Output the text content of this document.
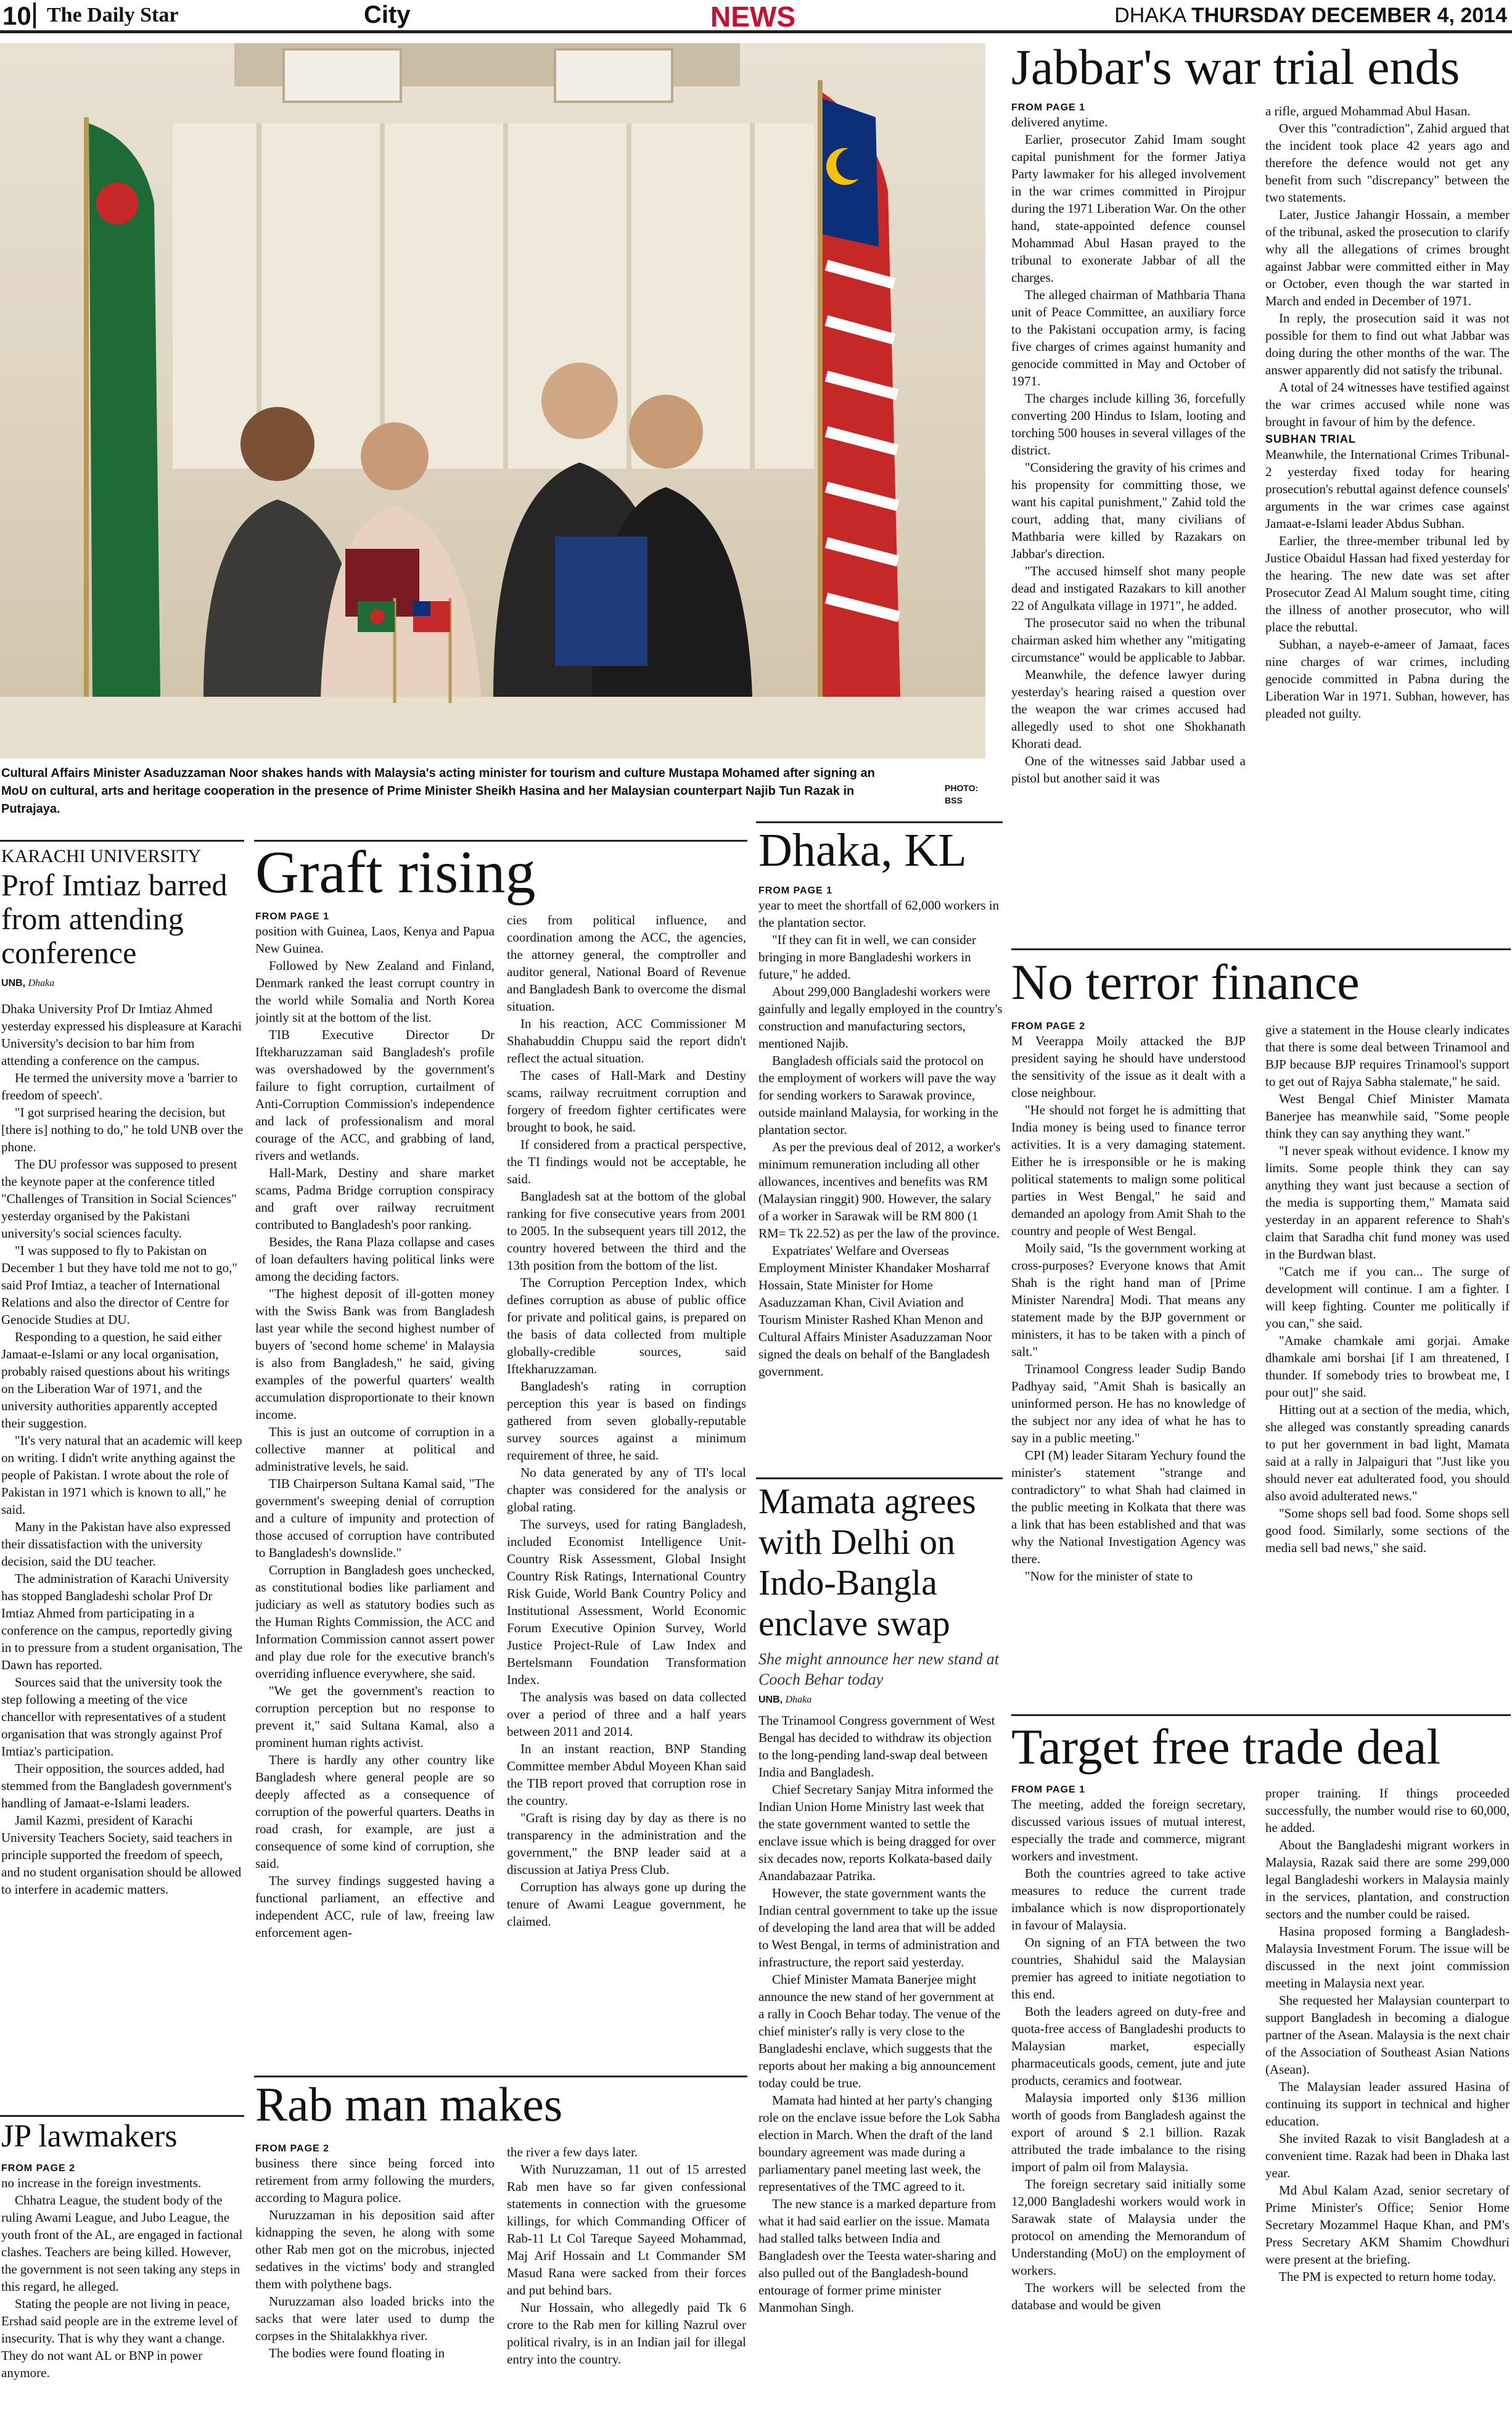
10 The Daily Star	City	NEWS	DHAKA THURSDAY DECEMBER 4, 2014
Cultural Affairs Minister Asaduzzaman Noor shakes hands with Malaysia's acting minister for tourism and culture Mustapa Mohamed after signing an MoU on cultural, arts and heritage cooperation in the presence of Prime Minister Sheikh Hasina and her Malaysian counterpart Najib Tun Razak in Putrajaya.
PHOTO: BSS
Jabbar's war trial ends
FROM PAGE 1

delivered anytime.

Earlier, prosecutor Zahid Imam sought capital punishment for the former Jatiya Party lawmaker for his alleged involvement in the war crimes committed in Pirojpur during the 1971 Liberation War. On the other hand, state-appointed defence counsel Mohammad Abul Hasan prayed to the tribunal to exonerate Jabbar of all the charges.

The alleged chairman of Mathbaria Thana unit of Peace Committee, an auxiliary force to the Pakistani occupation army, is facing five charges of crimes against humanity and genocide committed in May and October of 1971.

The charges include killing 36, forcefully converting 200 Hindus to Islam, looting and torching 500 houses in several villages of the district.

"Considering the gravity of his crimes and his propensity for committing those, we want his capital punishment," Zahid told the court, adding that, many civilians of Mathbaria were killed by Razakars on Jabbar's direction.

"The accused himself shot many people dead and instigated Razakars to kill another 22 of Angulkata village in 1971", he added.

The prosecutor said no when the tribunal chairman asked him whether any "mitigating circumstance" would be applicable to Jabbar.

Meanwhile, the defence lawyer during yesterday's hearing raised a question over the weapon the war crimes accused had allegedly used to shot one Shokhanath Khorati dead.

One of the witnesses said Jabbar used a pistol but another said it was

a rifle, argued Mohammad Abul Hasan.

Over this "contradiction", Zahid argued that the incident took place 42 years ago and therefore the defence would not get any benefit from such "discrepancy" between the two statements.

Later, Justice Jahangir Hossain, a member of the tribunal, asked the prosecution to clarify why all the allegations of crimes brought against Jabbar were committed either in May or October, even though the war started in March and ended in December of 1971.

In reply, the prosecution said it was not possible for them to find out what Jabbar was doing during the other months of the war. The answer apparently did not satisfy the tribunal.

A total of 24 witnesses have testified against the war crimes accused while none was brought in favour of him by the defence.

SUBHAN TRIAL

Meanwhile, the International Crimes Tribunal-2 yesterday fixed today for hearing prosecution's rebuttal against defence counsels' arguments in the war crimes case against Jamaat-e-Islami leader Abdus Subhan.

Earlier, the three-member tribunal led by Justice Obaidul Hassan had fixed yesterday for the hearing. The new date was set after Prosecutor Zead Al Malum sought time, citing the illness of another prosecutor, who will place the rebuttal.

Subhan, a nayeb-e-ameer of Jamaat, faces nine charges of war crimes, including genocide committed in Pabna during the Liberation War in 1971. Subhan, however, has pleaded not guilty.

No terror finance
FROM PAGE 2

M Veerappa Moily attacked the BJP president saying he should have understood the sensitivity of the issue as it dealt with a close neighbour.

"He should not forget he is admitting that India money is being used to finance terror activities. It is a very damaging statement. Either he is irresponsible or he is making political statements to malign some political parties in West Bengal," he said and demanded an apology from Amit Shah to the country and people of West Bengal.

Moily said, "Is the government working at cross-purposes? Everyone knows that Amit Shah is the right hand man of [Prime Minister Narendra] Modi. That means any statement made by the BJP government or ministers, it has to be taken with a pinch of salt."

Trinamool Congress leader Sudip Bando Padhyay said, "Amit Shah is basically an uninformed person. He has no knowledge of the subject nor any idea of what he has to say in a public meeting."

CPI (M) leader Sitaram Yechury found the minister's statement "strange and contradictory" to what Shah had claimed in the public meeting in Kolkata that there was a link that has been established and that was why the National Investigation Agency was there.

"Now for the minister of state to

give a statement in the House clearly indicates that there is some deal between Trinamool and BJP because BJP requires Trinamool's support to get out of Rajya Sabha stalemate," he said.

West Bengal Chief Minister Mamata Banerjee has meanwhile said, "Some people think they can say anything they want."

"I never speak without evidence. I know my limits. Some people think they can say anything they want just because a section of the media is supporting them," Mamata said yesterday in an apparent reference to Shah's claim that Saradha chit fund money was used in the Burdwan blast.

"Catch me if you can... The surge of development will continue. I am a fighter. I will keep fighting. Counter me politically if you can," she said.

"Amake chamkale ami gorjai. Amake dhamkale ami borshai [if I am threatened, I thunder. If somebody tries to browbeat me, I pour out]" she said.

Hitting out at a section of the media, which, she alleged was constantly spreading canards to put her government in bad light, Mamata said at a rally in Jalpaiguri that "Just like you should never eat adulterated food, you should also avoid adulterated news."

"Some shops sell bad food. Some shops sell good food. Similarly, some sections of the media sell bad news," she said.

Target free trade deal
FROM PAGE 1

The meeting, added the foreign secretary, discussed various issues of mutual interest, especially the trade and commerce, migrant workers and investment.

Both the countries agreed to take active measures to reduce the current trade imbalance which is now disproportionately in favour of Malaysia.

On signing of an FTA between the two countries, Shahidul said the Malaysian premier has agreed to initiate negotiation to this end.

Both the leaders agreed on duty-free and quota-free access of Bangladeshi products to Malaysian market, especially pharmaceuticals goods, cement, jute and jute products, ceramics and footwear.

Malaysia imported only $136 million worth of goods from Bangladesh against the export of around $ 2.1 billion. Razak attributed the trade imbalance to the rising import of palm oil from Malaysia.

The foreign secretary said initially some 12,000 Bangladeshi workers would work in Sarawak state of Malaysia under the protocol on amending the Memorandum of Understanding (MoU) on the employment of workers.

The workers will be selected from the database and would be given

proper training. If things proceeded successfully, the number would rise to 60,000, he added.

About the Bangladeshi migrant workers in Malaysia, Razak said there are some 299,000 legal Bangladeshi workers in Malaysia mainly in the services, plantation, and construction sectors and the number could be raised.

Hasina proposed forming a Bangladesh-Malaysia Investment Forum. The issue will be discussed in the next joint commission meeting in Malaysia next year.

She requested her Malaysian counterpart to support Bangladesh in becoming a dialogue partner of the Asean. Malaysia is the next chair of the Association of Southeast Asian Nations (Asean).

The Malaysian leader assured Hasina of continuing its support in technical and higher education.

She invited Razak to visit Bangladesh at a convenient time. Razak had been in Dhaka last year.

Md Abul Kalam Azad, senior secretary of Prime Minister's Office; Senior Home Secretary Mozammel Haque Khan, and PM's Press Secretary AKM Shamim Chowdhuri were present at the briefing.

The PM is expected to return home today.

KARACHI UNIVERSITY
Prof Imtiaz barred from attending conference
UNB, Dhaka

Dhaka University Prof Dr Imtiaz Ahmed yesterday expressed his displeasure at Karachi University's decision to bar him from attending a conference on the campus.

He termed the university move a 'barrier to freedom of speech'.

"I got surprised hearing the decision, but [there is] nothing to do," he told UNB over the phone.

The DU professor was supposed to present the keynote paper at the conference titled "Challenges of Transition in Social Sciences" yesterday organised by the Pakistani university's social sciences faculty.

"I was supposed to fly to Pakistan on December 1 but they have told me not to go," said Prof Imtiaz, a teacher of International Relations and also the director of Centre for Genocide Studies at DU.

Responding to a question, he said either Jamaat-e-Islami or any local organisation, probably raised questions about his writings on the Liberation War of 1971, and the university authorities apparently accepted their suggestion.

"It's very natural that an academic will keep on writing. I didn't write anything against the people of Pakistan. I wrote about the role of Pakistan in 1971 which is known to all," he said.

Many in the Pakistan have also expressed their dissatisfaction with the university decision, said the DU teacher.

The administration of Karachi University has stopped Bangladeshi scholar Prof Dr Imtiaz Ahmed from participating in a conference on the campus, reportedly giving in to pressure from a student organisation, The Dawn has reported.

Sources said that the university took the step following a meeting of the vice chancellor with representatives of a student organisation that was strongly against Prof Imtiaz's participation.

Their opposition, the sources added, had stemmed from the Bangladesh government's handling of Jamaat-e-Islami leaders.

Jamil Kazmi, president of Karachi University Teachers Society, said teachers in principle supported the freedom of speech, and no student organisation should be allowed to interfere in academic matters.

JP lawmakers
FROM PAGE 2

no increase in the foreign investments.

Chhatra League, the student body of the ruling Awami League, and Jubo League, the youth front of the AL, are engaged in factional clashes. Teachers are being killed. However, the government is not seen taking any steps in this regard, he alleged.

Stating the people are not living in peace, Ershad said people are in the extreme level of insecurity. That is why they want a change. They do not want AL or BNP in power anymore.

Graft rising
FROM PAGE 1

position with Guinea, Laos, Kenya and Papua New Guinea.

Followed by New Zealand and Finland, Denmark ranked the least corrupt country in the world while Somalia and North Korea jointly sit at the bottom of the list.

TIB Executive Director Dr Iftekharuzzaman said Bangladesh's profile was overshadowed by the government's failure to fight corruption, curtailment of Anti-Corruption Commission's independence and lack of professionalism and moral courage of the ACC, and grabbing of land, rivers and wetlands.

Hall-Mark, Destiny and share market scams, Padma Bridge corruption conspiracy and graft over railway recruitment contributed to Bangladesh's poor ranking.

Besides, the Rana Plaza collapse and cases of loan defaulters having political links were among the deciding factors.

"The highest deposit of ill-gotten money with the Swiss Bank was from Bangladesh last year while the second highest number of buyers of 'second home scheme' in Malaysia is also from Bangladesh," he said, giving examples of the powerful quarters' wealth accumulation disproportionate to their known income.

This is just an outcome of corruption in a collective manner at political and administrative levels, he said.

TIB Chairperson Sultana Kamal said, "The government's sweeping denial of corruption and a culture of impunity and protection of those accused of corruption have contributed to Bangladesh's downslide."

Corruption in Bangladesh goes unchecked, as constitutional bodies like parliament and judiciary as well as statutory bodies such as the Human Rights Commission, the ACC and Information Commission cannot assert power and play due role for the executive branch's overriding influence everywhere, she said.

"We get the government's reaction to corruption perception but no response to prevent it," said Sultana Kamal, also a prominent human rights activist.

There is hardly any other country like Bangladesh where general people are so deeply affected as a consequence of corruption of the powerful quarters. Deaths in road crash, for example, are just a consequence of some kind of corruption, she said.

The survey findings suggested having a functional parliament, an effective and independent ACC, rule of law, freeing law enforcement agen-

cies from political influence, and coordination among the ACC, the agencies, the attorney general, the comptroller and auditor general, National Board of Revenue and Bangladesh Bank to overcome the dismal situation.

In his reaction, ACC Commissioner M Shahabuddin Chuppu said the report didn't reflect the actual situation.

The cases of Hall-Mark and Destiny scams, railway recruitment corruption and forgery of freedom fighter certificates were brought to book, he said.

If considered from a practical perspective, the TI findings would not be acceptable, he said.

Bangladesh sat at the bottom of the global ranking for five consecutive years from 2001 to 2005. In the subsequent years till 2012, the country hovered between the third and the 13th position from the bottom of the list.

The Corruption Perception Index, which defines corruption as abuse of public office for private and political gains, is prepared on the basis of data collected from multiple globally-credible sources, said Iftekharuzzaman.

Bangladesh's rating in corruption perception this year is based on findings gathered from seven globally-reputable survey sources against a minimum requirement of three, he said.

No data generated by any of TI's local chapter was considered for the analysis or global rating.

The surveys, used for rating Bangladesh, included Economist Intelligence Unit-Country Risk Assessment, Global Insight Country Risk Ratings, International Country Risk Guide, World Bank Country Policy and Institutional Assessment, World Economic Forum Executive Opinion Survey, World Justice Project-Rule of Law Index and Bertelsmann Foundation Transformation Index.

The analysis was based on data collected over a period of three and a half years between 2011 and 2014.

In an instant reaction, BNP Standing Committee member Abdul Moyeen Khan said the TIB report proved that corruption rose in the country.

"Graft is rising day by day as there is no transparency in the administration and the government," the BNP leader said at a discussion at Jatiya Press Club.

Corruption has always gone up during the tenure of Awami League government, he claimed.

Rab man makes
FROM PAGE 2

business there since being forced into retirement from army following the murders, according to Magura police.

Nuruzzaman in his deposition said after kidnapping the seven, he along with some other Rab men got on the microbus, injected sedatives in the victims' body and strangled them with polythene bags.

Nuruzzaman also loaded bricks into the sacks that were later used to dump the corpses in the Shitalakkhya river.

The bodies were found floating in

the river a few days later.

With Nuruzzaman, 11 out of 15 arrested Rab men have so far given confessional statements in connection with the gruesome killings, for which Commanding Officer of Rab-11 Lt Col Tareque Sayeed Mohammad, Maj Arif Hossain and Lt Commander SM Masud Rana were sacked from their forces and put behind bars.

Nur Hossain, who allegedly paid Tk 6 crore to the Rab men for killing Nazrul over political rivalry, is in an Indian jail for illegal entry into the country.

Dhaka, KL
FROM PAGE 1

year to meet the shortfall of 62,000 workers in the plantation sector.

"If they can fit in well, we can consider bringing in more Bangladeshi workers in future," he added.

About 299,000 Bangladeshi workers were gainfully and legally employed in the country's construction and manufacturing sectors, mentioned Najib.

Bangladesh officials said the protocol on the employment of workers will pave the way for sending workers to Sarawak province, outside mainland Malaysia, for working in the plantation sector.

As per the previous deal of 2012, a worker's minimum remuneration including all other allowances, incentives and benefits was RM (Malaysian ringgit) 900. However, the salary of a worker in Sarawak will be RM 800 (1 RM= Tk 22.52) as per the law of the province.

Expatriates' Welfare and Overseas Employment Minister Khandaker Mosharraf Hossain, State Minister for Home Asaduzzaman Khan, Civil Aviation and Tourism Minister Rashed Khan Menon and Cultural Affairs Minister Asaduzzaman Noor signed the deals on behalf of the Bangladesh government.

Mamata agrees with Delhi on Indo-Bangla enclave swap
She might announce her new stand at Cooch Behar today
UNB, Dhaka

The Trinamool Congress government of West Bengal has decided to withdraw its objection to the long-pending land-swap deal between India and Bangladesh.

Chief Secretary Sanjay Mitra informed the Indian Union Home Ministry last week that the state government wanted to settle the enclave issue which is being dragged for over six decades now, reports Kolkata-based daily Anandabazaar Patrika.

However, the state government wants the Indian central government to take up the issue of developing the land area that will be added to West Bengal, in terms of administration and infrastructure, the report said yesterday.

Chief Minister Mamata Banerjee might announce the new stand of her government at a rally in Cooch Behar today. The venue of the chief minister's rally is very close to the Bangladeshi enclave, which suggests that the reports about her making a big announcement today could be true.

Mamata had hinted at her party's changing role on the enclave issue before the Lok Sabha election in March. When the draft of the land boundary agreement was made during a parliamentary panel meeting last week, the representatives of the TMC agreed to it.

The new stance is a marked departure from what it had said earlier on the issue. Mamata had stalled talks between India and Bangladesh over the Teesta water-sharing and also pulled out of the Bangladesh-bound entourage of former prime minister Manmohan Singh.
